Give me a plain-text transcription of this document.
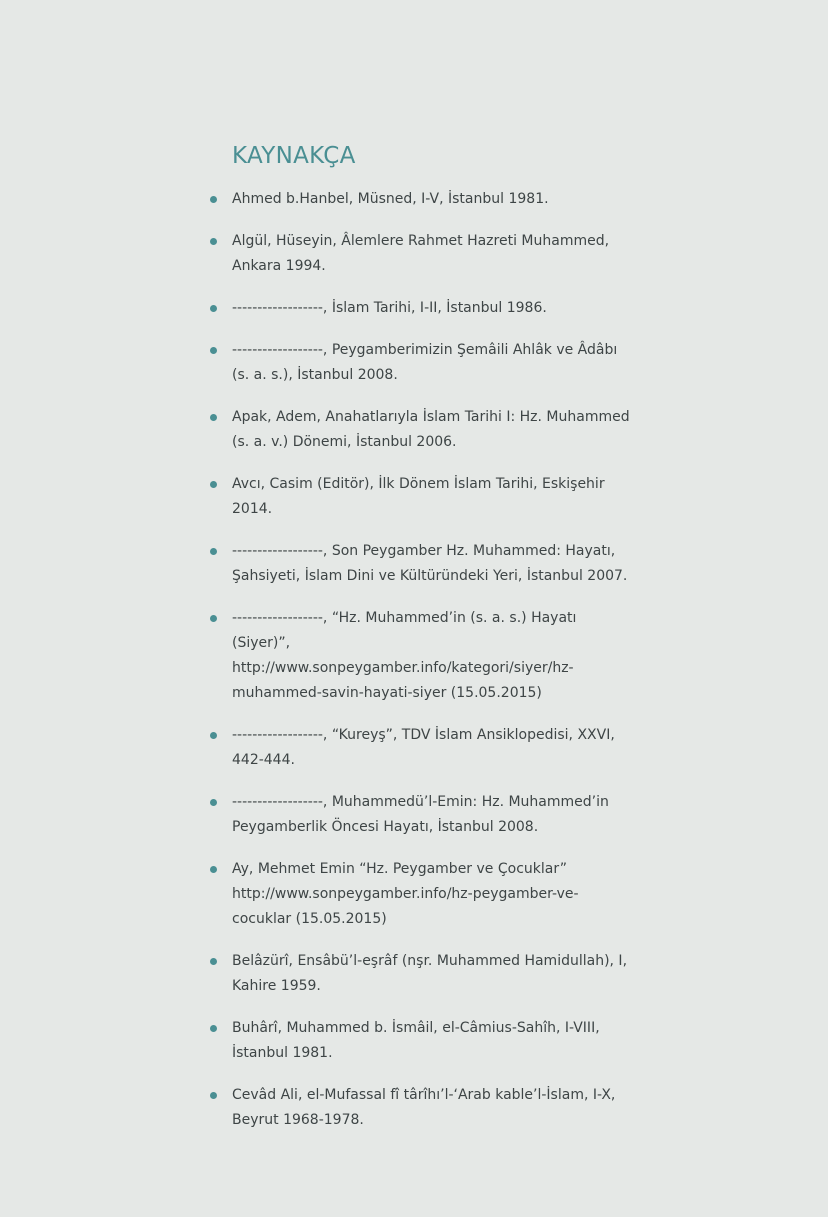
KAYNAKÇA
Ahmed b.Hanbel, Müsned, I-V, İstanbul 1981.
Algül, Hüseyin, Âlemlere Rahmet Hazreti Muhammed, Ankara 1994.
------------------, İslam Tarihi, I-II, İstanbul 1986.
------------------, Peygamberimizin Şemâili Ahlâk ve Âdâbı (s. a. s.), İstanbul 2008.
Apak, Adem, Anahatlarıyla İslam Tarihi I: Hz. Muhammed (s. a. v.) Dönemi, İstanbul 2006.
Avcı, Casim (Editör), İlk Dönem İslam Tarihi, Eskişehir 2014.
------------------, Son Peygamber Hz. Muhammed: Hayatı, Şahsiyeti, İslam Dini ve Kültüründeki Yeri, İstanbul 2007.
------------------, “Hz. Muhammed’in (s. a. s.) Hayatı (Siyer)”, http://www.sonpeygamber.info/kategori/siyer/hz-muhammed-savin-hayati-siyer (15.05.2015)
------------------, “Kureyş”, TDV İslam Ansiklopedisi, XXVI, 442-444.
------------------, Muhammedü’l-Emin: Hz. Muhammed’in Peygamberlik Öncesi Hayatı, İstanbul 2008.
Ay, Mehmet Emin “Hz. Peygamber ve Çocuklar” http://www.sonpeygamber.info/hz-peygamber-ve-cocuklar (15.05.2015)
Belâzürî, Ensâbü’l-eşrâf (nşr. Muhammed Hamidullah), I, Kahire 1959.
Buhârî, Muhammed b. İsmâil, el-Câmius-Sahîh, I-VIII, İstanbul 1981.
Cevâd Ali, el-Mufassal fî târîhı’l-‘Arab kable’l-İslam, I-X, Beyrut 1968-1978.
